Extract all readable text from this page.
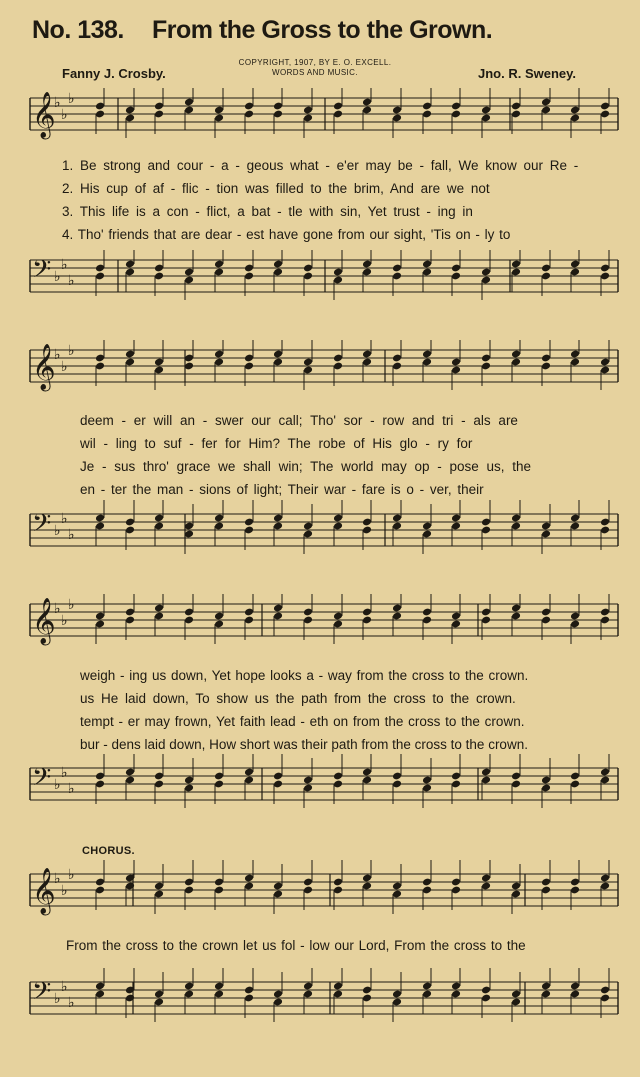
No. 138. From the Gross to the Grown.
Fanny J. Crosby.
COPYRIGHT, 1907, BY E. O. EXCELL.
WORDS AND MUSIC.	Jno. R. Sweney.
𝄞
♭
♭
♭

1. Be strong and cour - a - geous what - e'er may be - fall, We know our Re -

2. His cup of af - flic - tion was filled to the brim, And are we not

3. This life is a con - flict, a bat - tle with sin, Yet trust - ing in

4. Tho' friends that are dear - est have gone from our sight, 'Tis on - ly to

𝄢 ♭
♭
♭
𝄞
♭
♭
♭

deem - er will an - swer our call; Tho' sor - row and tri - als are

wil - ling to suf - fer for Him? The robe of His glo - ry for

Je - sus thro' grace we shall win; The world may op - pose us, the

en - ter the man - sions of light; Their war - fare is o - ver, their

𝄢 ♭
♭
♭
𝄞
♭
♭
♭

weigh - ing us down, Yet hope looks a - way from the cross to the crown.

us He laid down, To show us the path from the cross to the crown.

tempt - er may frown, Yet faith lead - eth on from the cross to the crown.

bur - dens laid down, How short was their path from the cross to the crown.

𝄢 ♭
♭
♭
CHORUS.
𝄞
♭
♭
♭

From the cross to the crown let us fol - low our Lord, From the cross to the

𝄢 ♭
♭
♭
